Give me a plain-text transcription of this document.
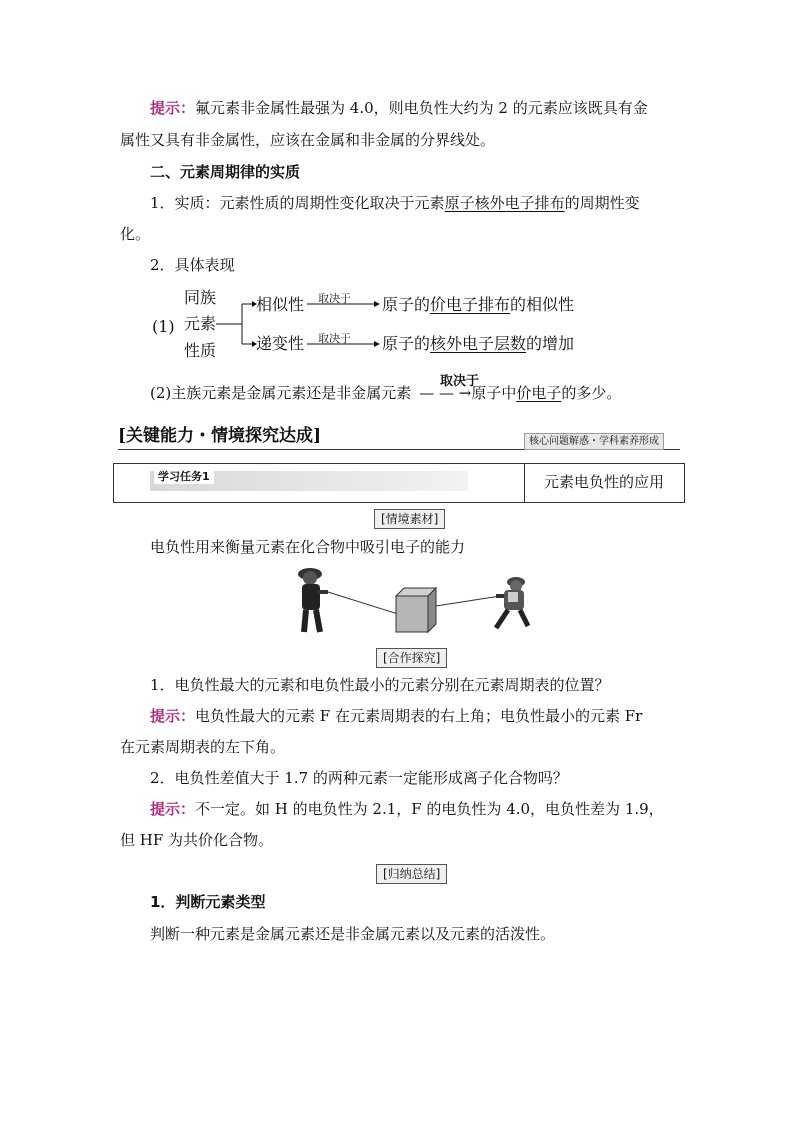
提示：氟元素非金属性最强为 4.0，则电负性大约为 2 的元素应该既具有金
属性又具有非金属性，应该在金属和非金属的分界线处。
二、元素周期律的实质
1．实质：元素性质的周期性变化取决于元素原子核外电子排布的周期性变
化。
2．具体表现
(1)
同族
元素
性质
相似性
递变性
取决于
取决于
原子的价电子排布的相似性
原子的核外电子层数的增加
取决于
(2)主族元素是金属元素还是非金属元素 — — →原子中价电子的多少。
[关键能力・情境探究达成]	核心问题解惑・学科素养形成
学习任务1	元素电负性的应用
[情境素材]
电负性用来衡量元素在化合物中吸引电子的能力
[合作探究]
1．电负性最大的元素和电负性最小的元素分别在元素周期表的位置？
提示：电负性最大的元素 F 在元素周期表的右上角；电负性最小的元素 Fr
在元素周期表的左下角。
2．电负性差值大于 1.7 的两种元素一定能形成离子化合物吗？
提示：不一定。如 H 的电负性为 2.1，F 的电负性为 4.0，电负性差为 1.9，
但 HF 为共价化合物。
[归纳总结]
1．判断元素类型
判断一种元素是金属元素还是非金属元素以及元素的活泼性。
